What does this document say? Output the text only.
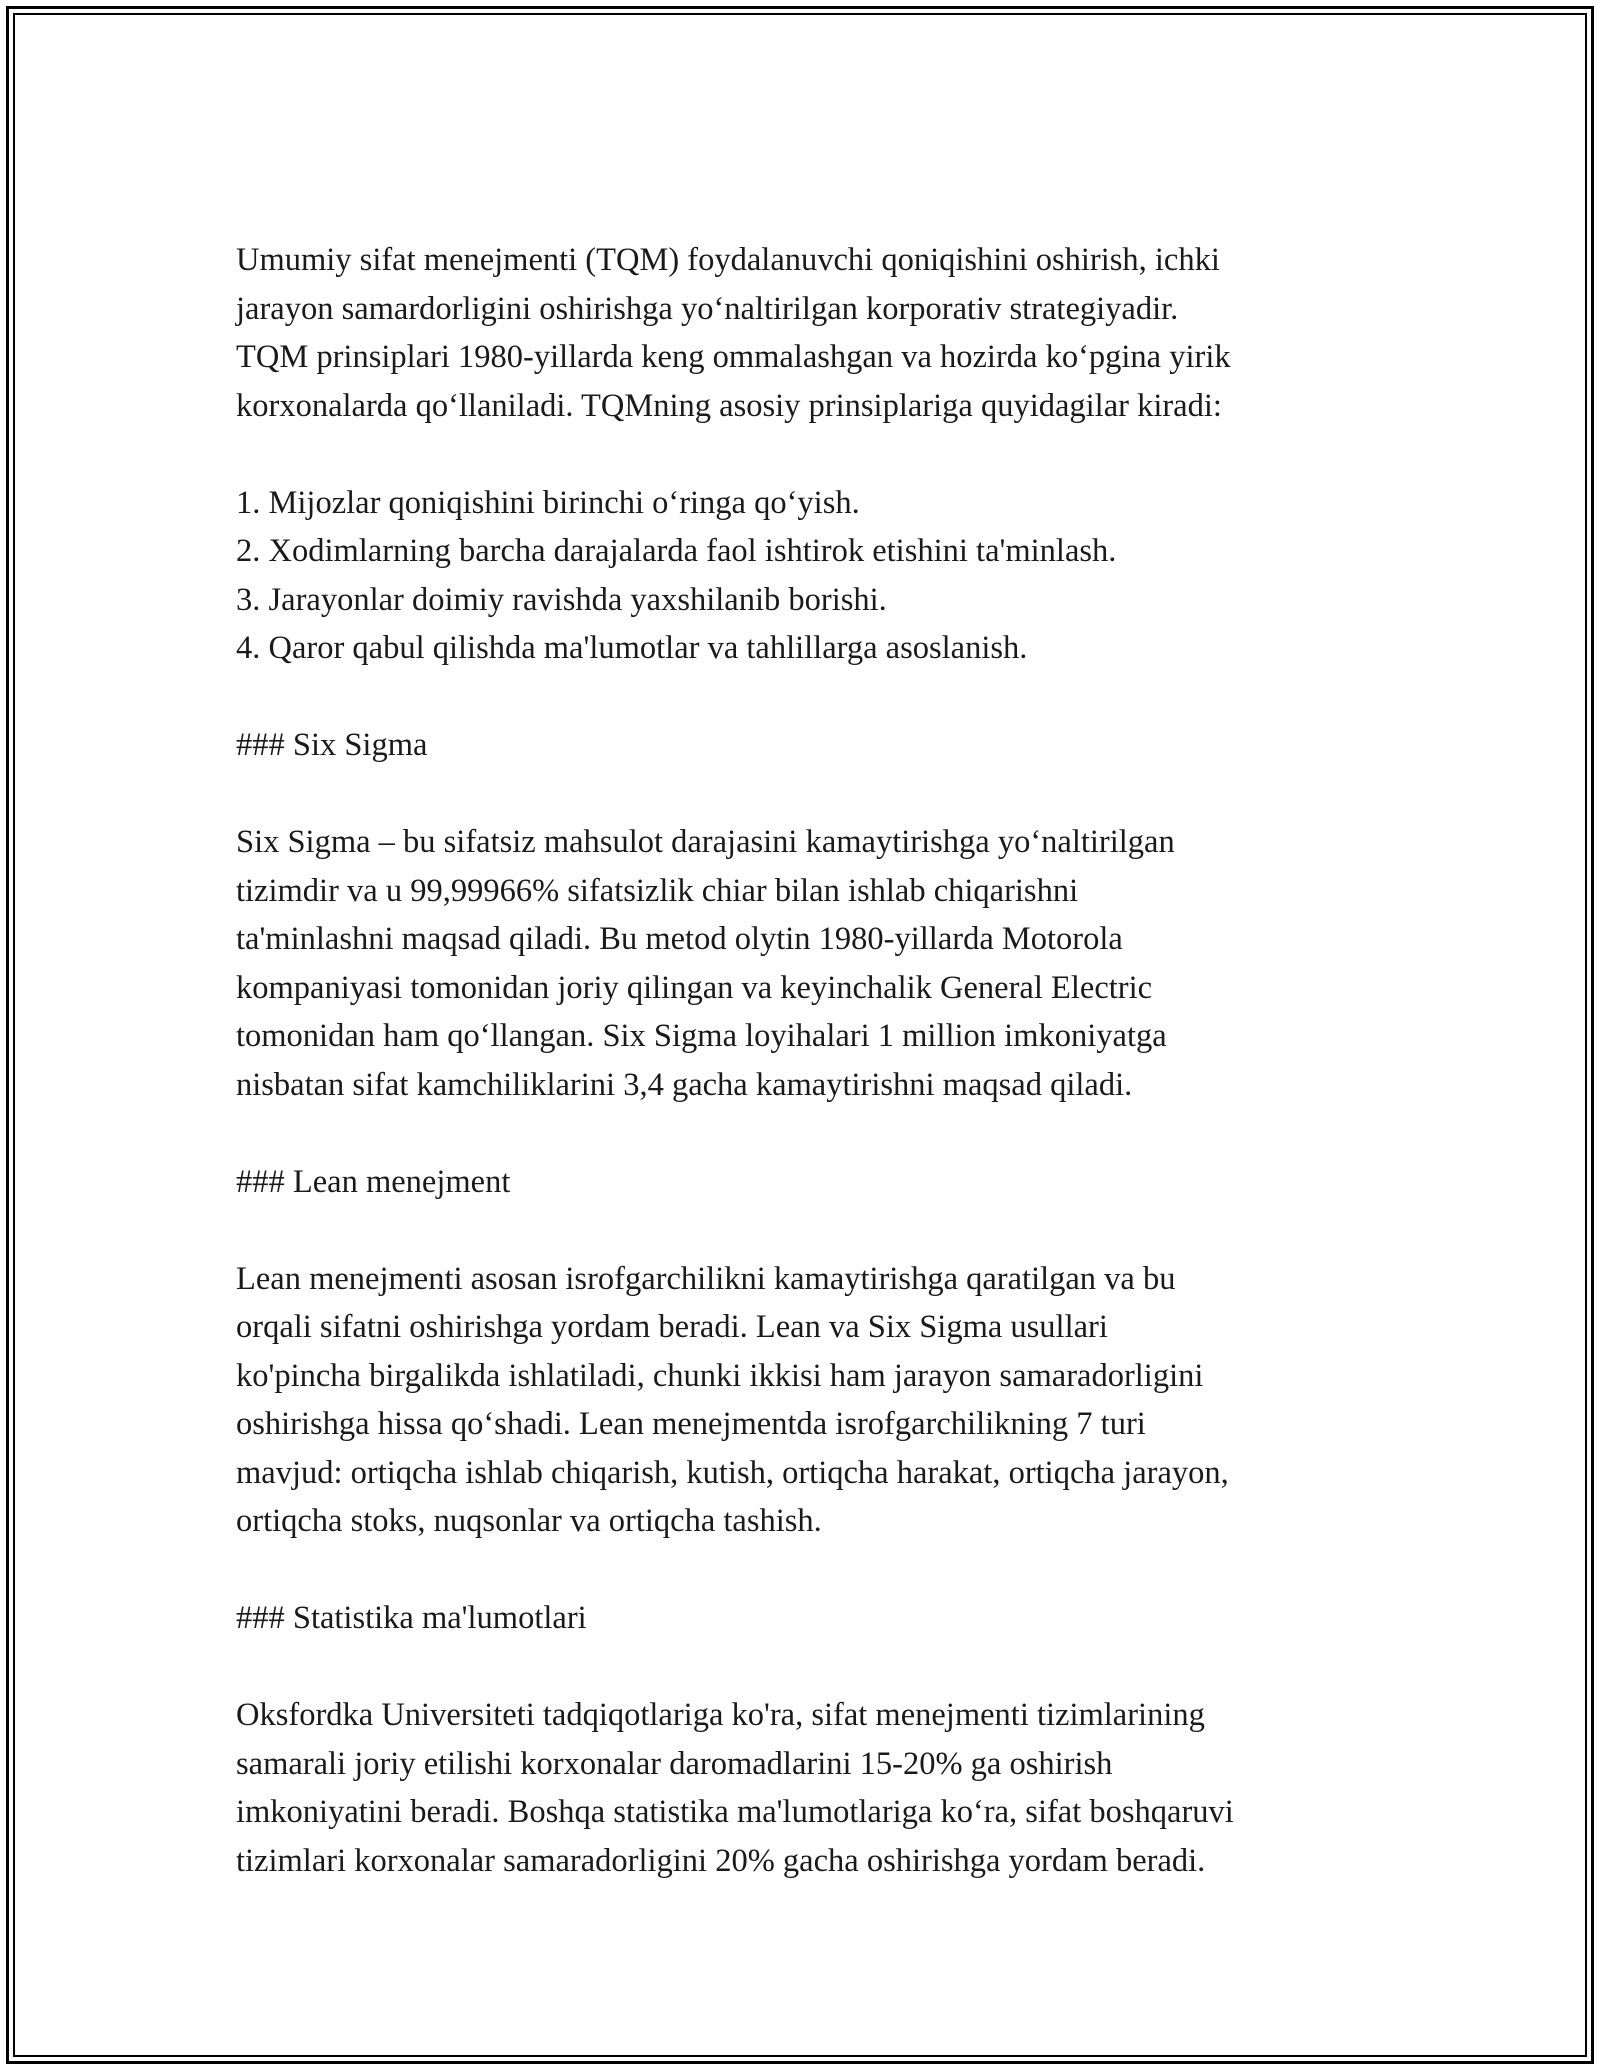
Umumiy sifat menejmenti (TQM) foydalanuvchi qoniqishini oshirish, ichki
jarayon samardorligini oshirishga yo‘naltirilgan korporativ strategiyadir.
TQM prinsiplari 1980-yillarda keng ommalashgan va hozirda ko‘pgina yirik
korxonalarda qo‘llaniladi. TQMning asosiy prinsiplariga quyidagilar kiradi:

1. Mijozlar qoniqishini birinchi o‘ringa qo‘yish.
2. Xodimlarning barcha darajalarda faol ishtirok etishini ta'minlash.
3. Jarayonlar doimiy ravishda yaxshilanib borishi.
4. Qaror qabul qilishda ma'lumotlar va tahlillarga asoslanish.
### Six Sigma

Six Sigma – bu sifatsiz mahsulot darajasini kamaytirishga yo‘naltirilgan
tizimdir va u 99,99966% sifatsizlik chiar bilan ishlab chiqarishni
ta'minlashni maqsad qiladi. Bu metod olytin 1980-yillarda Motorola
kompaniyasi tomonidan joriy qilingan va keyinchalik General Electric
tomonidan ham qo‘llangan. Six Sigma loyihalari 1 million imkoniyatga
nisbatan sifat kamchiliklarini 3,4 gacha kamaytirishni maqsad qiladi.

### Lean menejment

Lean menejmenti asosan isrofgarchilikni kamaytirishga qaratilgan va bu
orqali sifatni oshirishga yordam beradi. Lean va Six Sigma usullari
ko'pincha birgalikda ishlatiladi, chunki ikkisi ham jarayon samaradorligini
oshirishga hissa qo‘shadi. Lean menejmentda isrofgarchilikning 7 turi
mavjud: ortiqcha ishlab chiqarish, kutish, ortiqcha harakat, ortiqcha jarayon,
ortiqcha stoks, nuqsonlar va ortiqcha tashish.

### Statistika ma'lumotlari

Oksfordka Universiteti tadqiqotlariga ko'ra, sifat menejmenti tizimlarining
samarali joriy etilishi korxonalar daromadlarini 15-20% ga oshirish
imkoniyatini beradi. Boshqa statistika ma'lumotlariga ko‘ra, sifat boshqaruvi
tizimlari korxonalar samaradorligini 20% gacha oshirishga yordam beradi.
